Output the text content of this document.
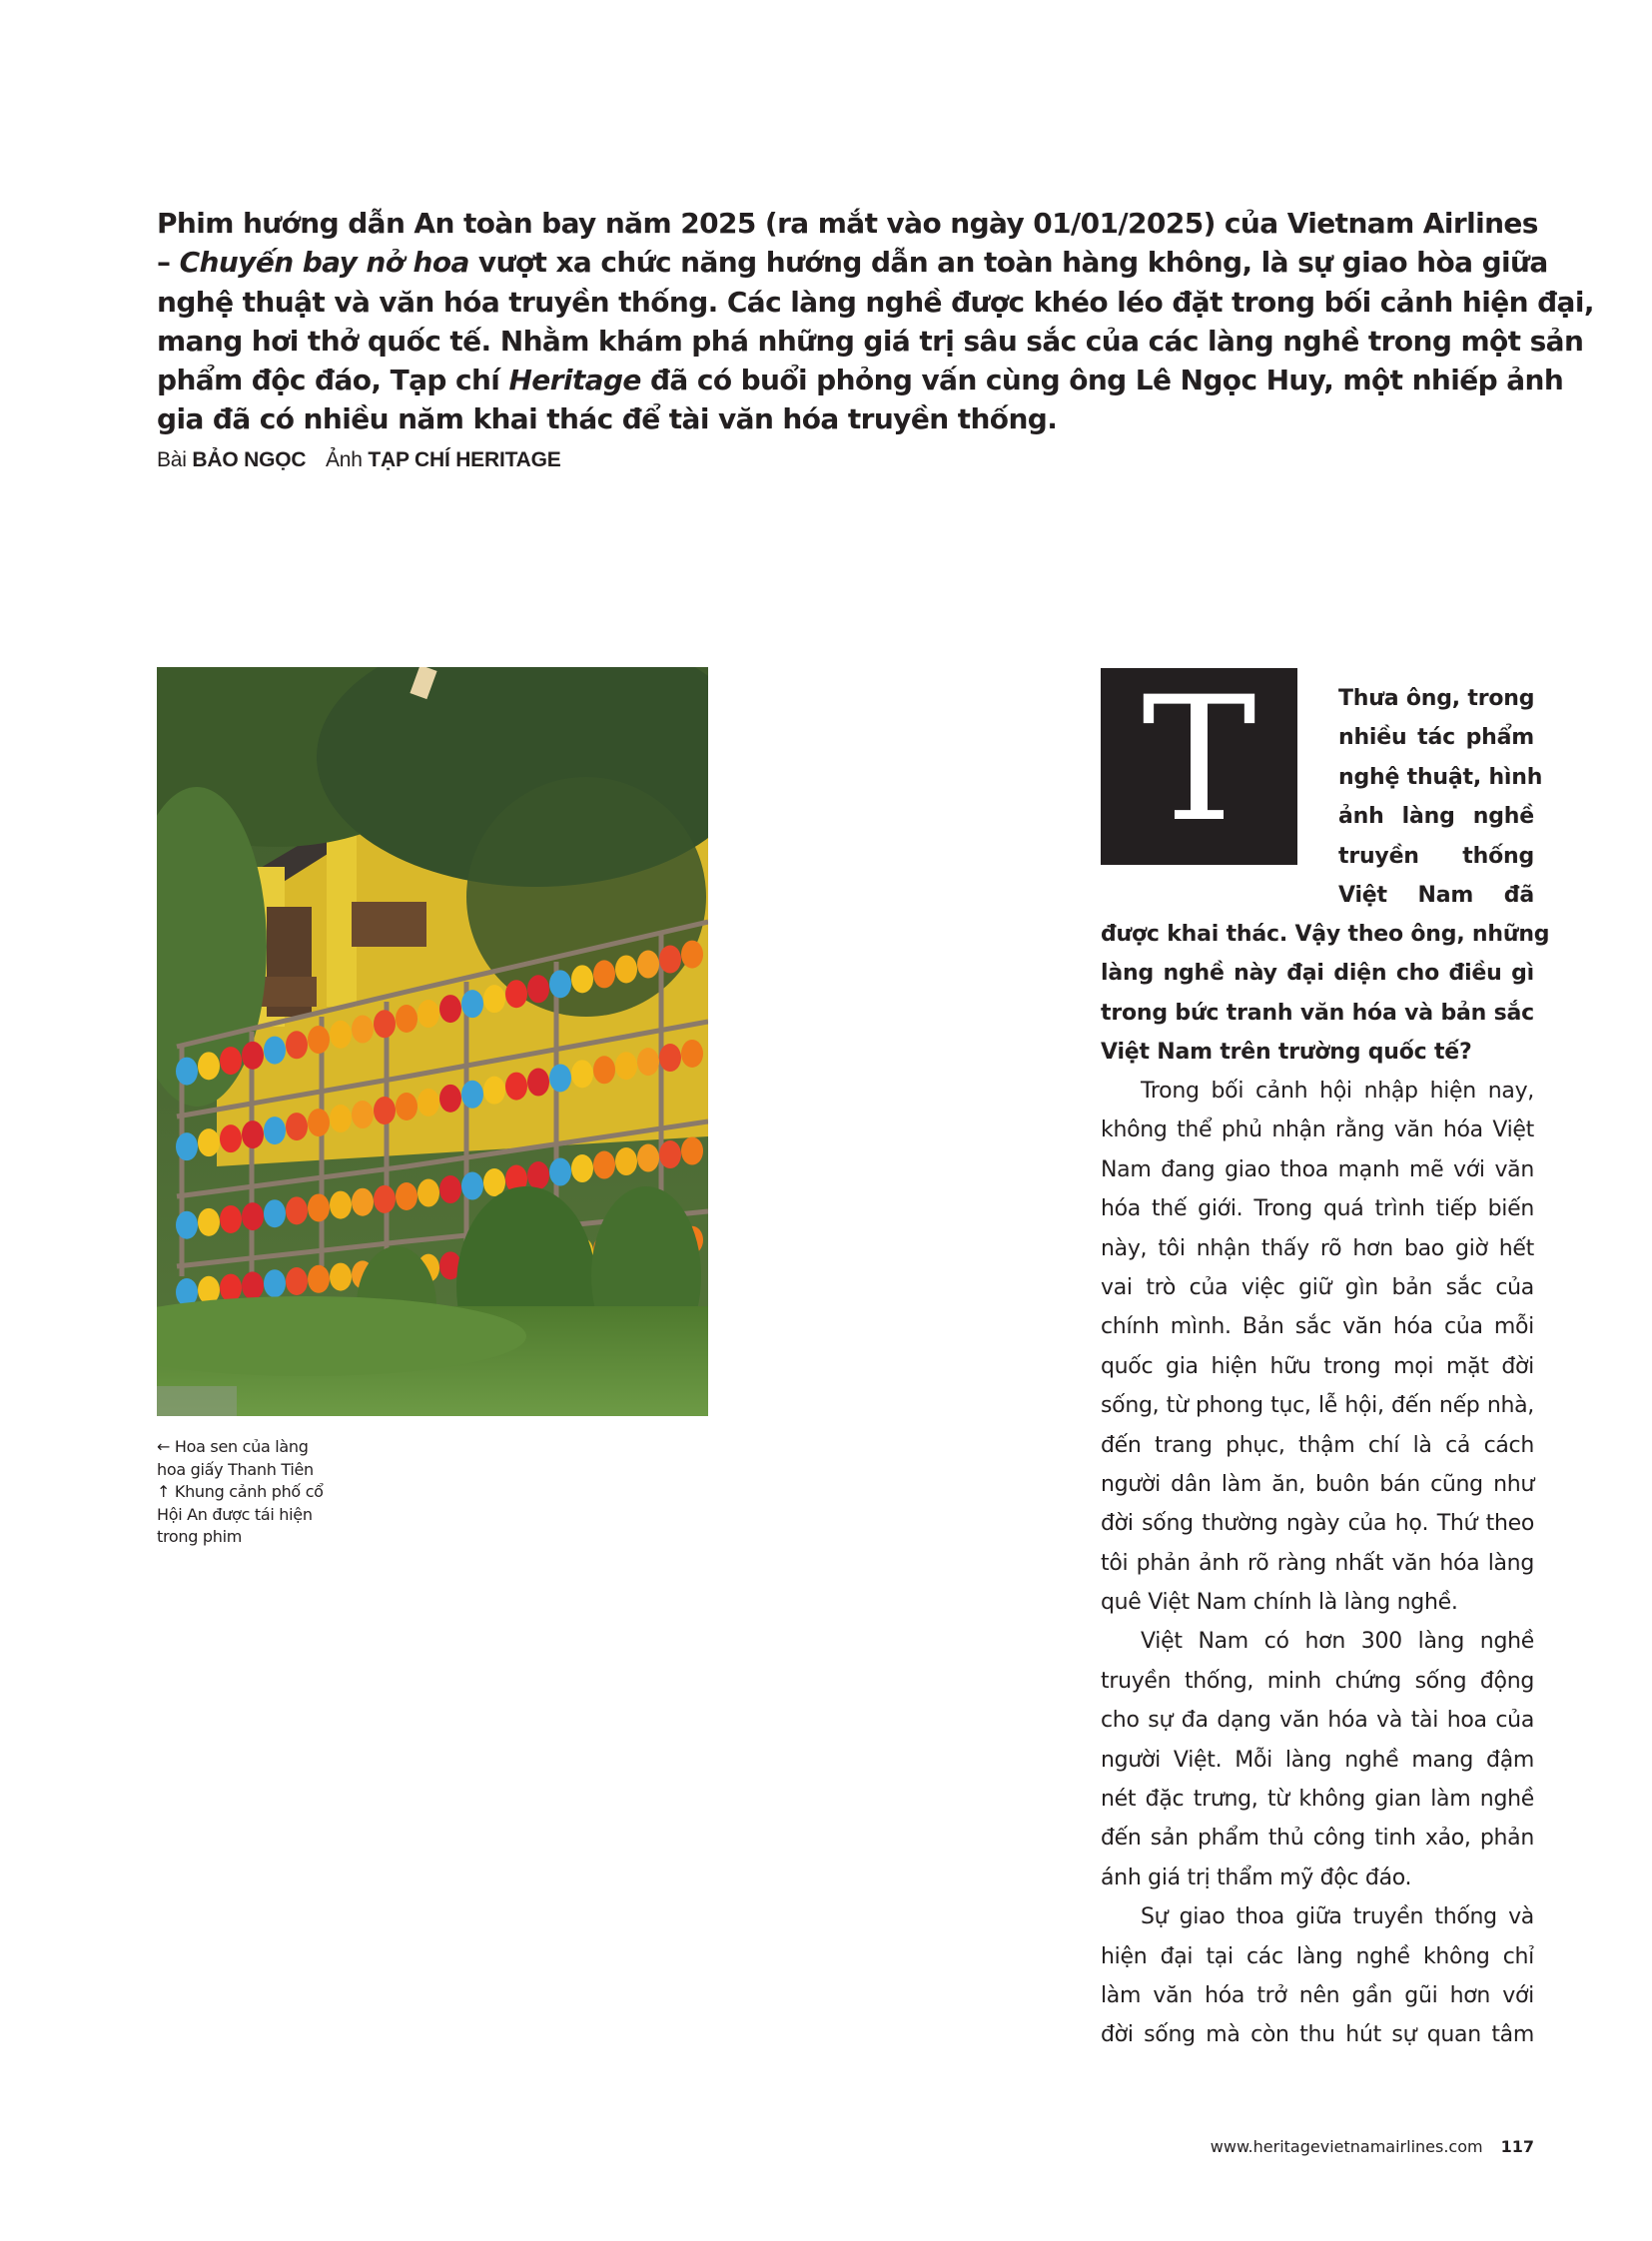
Phim hướng dẫn An toàn bay năm 2025 (ra mắt vào ngày 01/01/2025) của Vietnam Airlines
– Chuyến bay nở hoa vượt xa chức năng hướng dẫn an toàn hàng không, là sự giao hòa giữa
nghệ thuật và văn hóa truyền thống. Các làng nghề được khéo léo đặt trong bối cảnh hiện đại,
mang hơi thở quốc tế. Nhằm khám phá những giá trị sâu sắc của các làng nghề trong một sản
phẩm độc đáo, Tạp chí Heritage đã có buổi phỏng vấn cùng ông Lê Ngọc Huy, một nhiếp ảnh
gia đã có nhiều năm khai thác để tài văn hóa truyền thống.
Bài BẢO NGỌC Ảnh TẠP CHÍ HERITAGE
← Hoa sen của làng
hoa giấy Thanh Tiên
↑ Khung cảnh phố cổ
Hội An được tái hiện
trong phim
T	Thưa ông, trong
nhiều tác phẩm
nghệ thuật, hình
ảnh làng nghề
truyền thống
Việt Nam đã
được khai thác. Vậy theo ông, những
làng nghề này đại diện cho điều gì
trong bức tranh văn hóa và bản sắc
Việt Nam trên trường quốc tế?
Trong bối cảnh hội nhập hiện nay,
không thể phủ nhận rằng văn hóa Việt
Nam đang giao thoa mạnh mẽ với văn
hóa thế giới. Trong quá trình tiếp biến
này, tôi nhận thấy rõ hơn bao giờ hết
vai trò của việc giữ gìn bản sắc của
chính mình. Bản sắc văn hóa của mỗi
quốc gia hiện hữu trong mọi mặt đời
sống, từ phong tục, lễ hội, đến nếp nhà,
đến trang phục, thậm chí là cả cách
người dân làm ăn, buôn bán cũng như
đời sống thường ngày của họ. Thứ theo
tôi phản ảnh rõ ràng nhất văn hóa làng
quê Việt Nam chính là làng nghề.
Việt Nam có hơn 300 làng nghề
truyền thống, minh chứng sống động
cho sự đa dạng văn hóa và tài hoa của
người Việt. Mỗi làng nghề mang đậm
nét đặc trưng, từ không gian làm nghề
đến sản phẩm thủ công tinh xảo, phản
ánh giá trị thẩm mỹ độc đáo.
Sự giao thoa giữa truyền thống và
hiện đại tại các làng nghề không chỉ
làm văn hóa trở nên gần gũi hơn với
đời sống mà còn thu hút sự quan tâm
www.heritagevietnamairlines.com 117
